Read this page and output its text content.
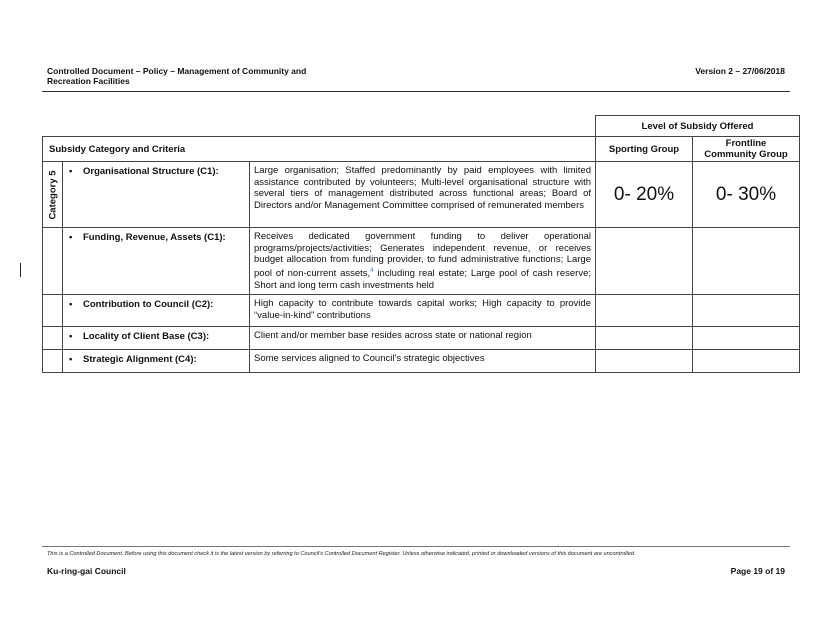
Controlled Document – Policy – Management of Community and
Recreation Facilities
Version 2 – 27/06/2018
			Level of Subsidy Offered	
Subsidy Category and Criteria			Sporting Group	Frontline
Community Group

Category 5	• Organisational Structure (C1):	Large organisation; Staffed predominantly by paid employees with limited assistance contributed by volunteers; Multi-level organisational structure with several tiers of management distributed across functional areas; Board of Directors and/or Management Committee comprised of remunerated members	0- 20%	0- 30%
	• Funding, Revenue, Assets (C1):	Receives dedicated government funding to deliver operational programs/projects/activities; Generates independent revenue, or receives budget allocation from funding provider, to fund administrative functions; Large pool of non-current assets,$^4$ including real estate; Large pool of cash reserve; Short and long term cash investments held		
	• Contribution to Council (C2):	High capacity to contribute towards capital works; High capacity to provide “value-in-kind” contributions		
	• Locality of Client Base (C3):	Client and/or member base resides across state or national region		
	• Strategic Alignment (C4):	Some services aligned to Council’s strategic objectives		
This is a Controlled Document. Before using this document check it is the latest version by referring to Council’s Controlled Document Register. Unless otherwise indicated, printed or downloaded versions of this document are uncontrolled.
Ku-ring-gai Council	Page 19 of 19
